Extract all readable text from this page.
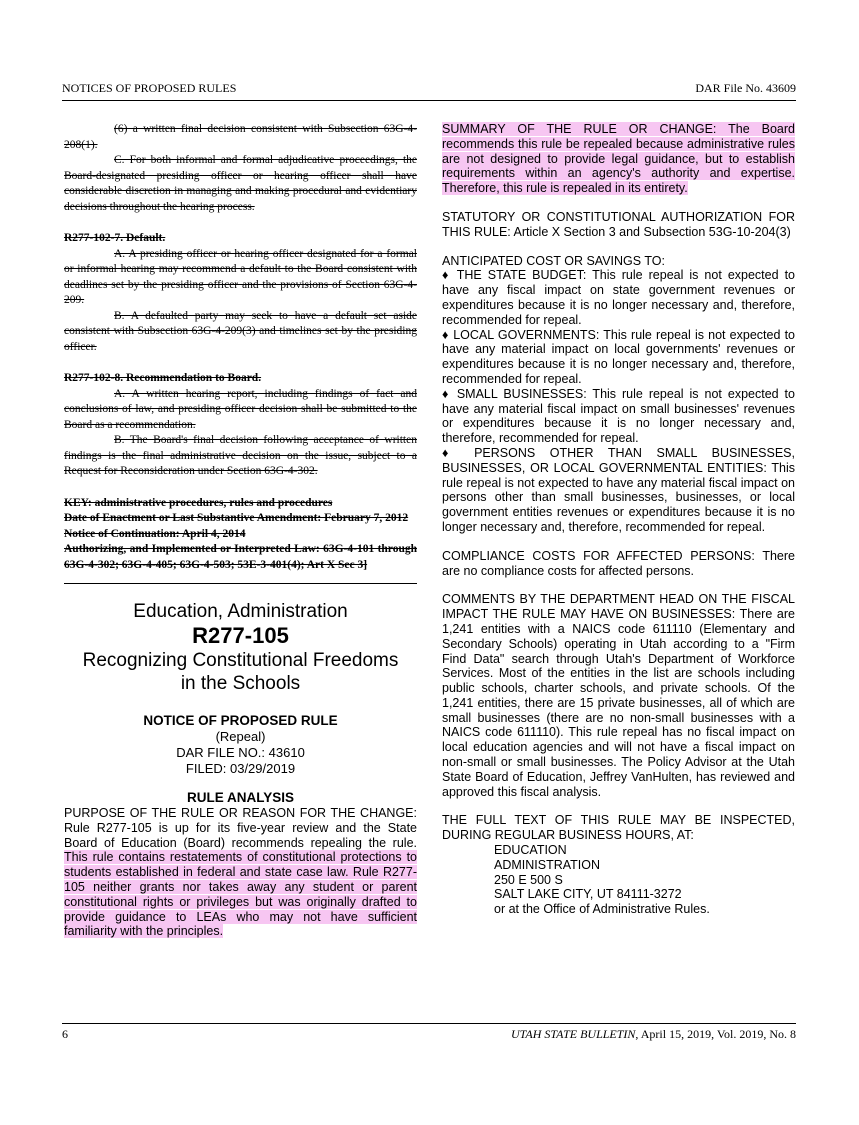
NOTICES OF PROPOSED RULES	DAR File No. 43609

(6) a written final decision consistent with Subsection 63G-4-208(1).

C. For both informal and formal adjudicative proceedings, the Board-designated presiding officer or hearing officer shall have considerable discretion in managing and making procedural and evidentiary decisions throughout the hearing process.

R277-102-7. Default.

A. A presiding officer or hearing officer designated for a formal or informal hearing may recommend a default to the Board consistent with deadlines set by the presiding officer and the provisions of Section 63G-4-209.

B. A defaulted party may seek to have a default set aside consistent with Subsection 63G-4-209(3) and timelines set by the presiding officer.

R277-102-8. Recommendation to Board.

A. A written hearing report, including findings of fact and conclusions of law, and presiding officer decision shall be submitted to the Board as a recommendation.

B. The Board's final decision following acceptance of written findings is the final administrative decision on the issue, subject to a Request for Reconsideration under Section 63G-4-302.

KEY: administrative procedures, rules and procedures

Date of Enactment or Last Substantive Amendment: February 7, 2012

Notice of Continuation: April 4, 2014

Authorizing, and Implemented or Interpreted Law: 63G-4-101 through 63G-4-302; 63G-4-405; 63G-4-503; 53E-3-401(4); Art X Sec 3]

Education, Administration
R277-105
Recognizing Constitutional Freedoms
in the Schools
NOTICE OF PROPOSED RULE
(Repeal)
DAR FILE NO.: 43610
FILED: 03/29/2019
RULE ANALYSIS

PURPOSE OF THE RULE OR REASON FOR THE CHANGE: Rule R277-105 is up for its five-year review and the State Board of Education (Board) recommends repealing the rule. This rule contains restatements of constitutional protections to students established in federal and state case law. Rule R277-105 neither grants nor takes away any student or parent constitutional rights or privileges but was originally drafted to provide guidance to LEAs who may not have sufficient familiarity with the principles.

SUMMARY OF THE RULE OR CHANGE: The Board recommends this rule be repealed because administrative rules are not designed to provide legal guidance, but to establish requirements within an agency's authority and expertise. Therefore, this rule is repealed in its entirety.

STATUTORY OR CONSTITUTIONAL AUTHORIZATION FOR THIS RULE: Article X Section 3 and Subsection 53G-10-204(3)

ANTICIPATED COST OR SAVINGS TO:

♦ THE STATE BUDGET: This rule repeal is not expected to have any fiscal impact on state government revenues or expenditures because it is no longer necessary and, therefore, recommended for repeal.

♦ LOCAL GOVERNMENTS: This rule repeal is not expected to have any material impact on local governments' revenues or expenditures because it is no longer necessary and, therefore, recommended for repeal.

♦ SMALL BUSINESSES: This rule repeal is not expected to have any material fiscal impact on small businesses' revenues or expenditures because it is no longer necessary and, therefore, recommended for repeal.

♦ PERSONS OTHER THAN SMALL BUSINESSES, BUSINESSES, OR LOCAL GOVERNMENTAL ENTITIES: This rule repeal is not expected to have any material fiscal impact on persons other than small businesses, businesses, or local government entities revenues or expenditures because it is no longer necessary and, therefore, recommended for repeal.

COMPLIANCE COSTS FOR AFFECTED PERSONS: There are no compliance costs for affected persons.

COMMENTS BY THE DEPARTMENT HEAD ON THE FISCAL IMPACT THE RULE MAY HAVE ON BUSINESSES: There are 1,241 entities with a NAICS code 611110 (Elementary and Secondary Schools) operating in Utah according to a "Firm Find Data" search through Utah's Department of Workforce Services. Most of the entities in the list are schools including public schools, charter schools, and private schools. Of the 1,241 entities, there are 15 private businesses, all of which are small businesses (there are no non-small businesses with a NAICS code 611110). This rule repeal has no fiscal impact on local education agencies and will not have a fiscal impact on non-small or small businesses. The Policy Advisor at the Utah State Board of Education, Jeffrey VanHulten, has reviewed and approved this fiscal analysis.

THE FULL TEXT OF THIS RULE MAY BE INSPECTED, DURING REGULAR BUSINESS HOURS, AT:

EDUCATION
ADMINISTRATION
250 E 500 S
SALT LAKE CITY, UT 84111-3272
or at the Office of Administrative Rules.
6	UTAH STATE BULLETIN, April 15, 2019, Vol. 2019, No. 8
